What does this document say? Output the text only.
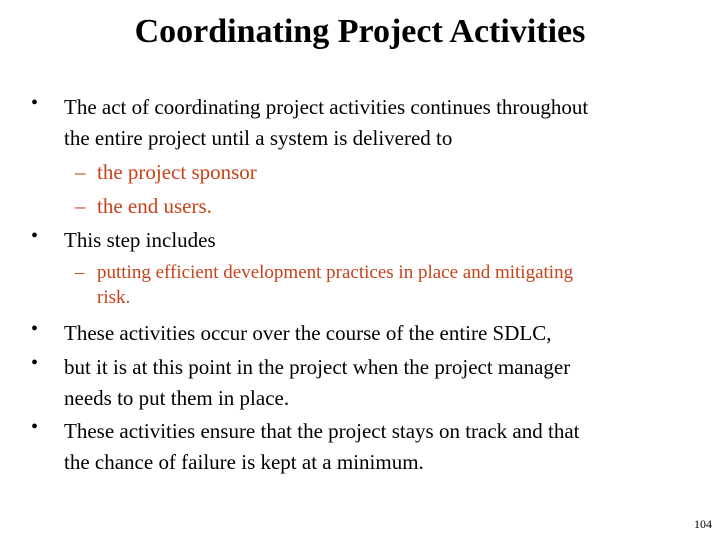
Coordinating Project Activities
• The act of coordinating project activities continues throughout
the entire project until a system is delivered to
– the project sponsor
– the end users.
• This step includes
– putting efficient development practices in place and mitigating
risk.
• These activities occur over the course of the entire SDLC,
• but it is at this point in the project when the project manager
needs to put them in place.
• These activities ensure that the project stays on track and that
the chance of failure is kept at a minimum.
104
